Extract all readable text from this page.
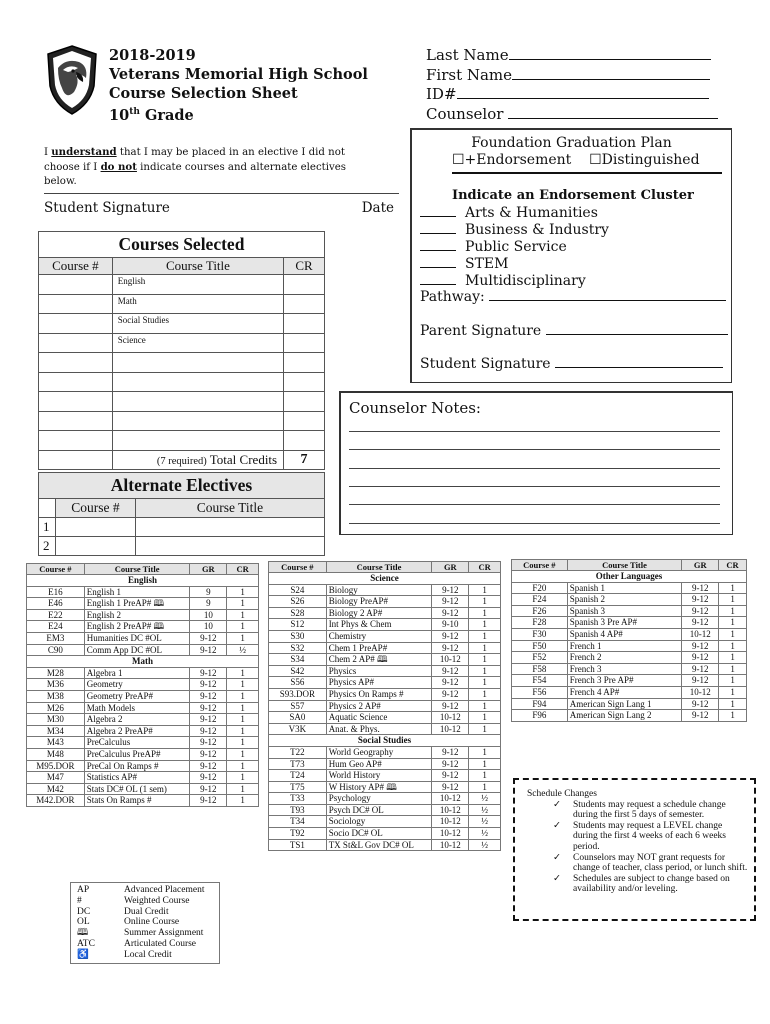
2018-2019
Veterans Memorial High School
Course Selection Sheet
10th Grade
Last Name
First Name
ID#
Counselor
I understand that I may be placed in an elective I did not choose if I do not indicate courses and alternate electives below.
Student Signature	Date
Courses Selected		
Course #	Course Title	CR
	English	
	Math	
	Social Studies	
	Science	

	(7 required) Total Credits	7
Alternate Electives		
	Course #	Course Title
1		
2		
Foundation Graduation Plan
☐+Endorsement ☐Distinguished
Indicate an Endorsement Cluster
Arts & Humanities
Business & Industry
Public Service
STEM
Multidisciplinary
Pathway:
Parent Signature
Student Signature
Counselor Notes:
Course #	Course Title	GR	CR
English			
E16	English 1	9	1
E46	English 1 PreAP# 🕮	9	1
E22	English 2	10	1
E24	English 2 PreAP# 🕮	10	1
EM3	Humanities DC #OL	9-12	1
C90	Comm App DC #OL	9-12	½
Math			
M28	Algebra 1	9-12	1
M36	Geometry	9-12	1
M38	Geometry PreAP#	9-12	1
M26	Math Models	9-12	1
M30	Algebra 2	9-12	1
M34	Algebra 2 PreAP#	9-12	1
M43	PreCalculus	9-12	1
M48	PreCalculus PreAP#	9-12	1
M95.DOR	PreCal On Ramps #	9-12	1
M47	Statistics AP#	9-12	1
M42	Stats DC# OL (1 sem)	9-12	1
M42.DOR	Stats On Ramps #	9-12	1
Course #	Course Title	GR	CR
Science			
S24	Biology	9-12	1
S26	Biology PreAP#	9-12	1
S28	Biology 2 AP#	9-12	1
S12	Int Phys & Chem	9-10	1
S30	Chemistry	9-12	1
S32	Chem 1 PreAP#	9-12	1
S34	Chem 2 AP# 🕮	10-12	1
S42	Physics	9-12	1
S56	Physics AP#	9-12	1
S93.DOR	Physics On Ramps #	9-12	1
S57	Physics 2 AP#	9-12	1
SA0	Aquatic Science	10-12	1
V3K	Anat. & Phys.	10-12	1
Social Studies			
T22	World Geography	9-12	1
T73	Hum Geo AP#	9-12	1
T24	World History	9-12	1
T75	W History AP# 🕮	9-12	1
T33	Psychology	10-12	½
T93	Psych DC# OL	10-12	½
T34	Sociology	10-12	½
T92	Socio DC# OL	10-12	½
TS1	TX St&L Gov DC# OL	10-12	½
Course #	Course Title	GR	CR
Other Languages			
F20	Spanish 1	9-12	1
F24	Spanish 2	9-12	1
F26	Spanish 3	9-12	1
F28	Spanish 3 Pre AP#	9-12	1
F30	Spanish 4 AP#	10-12	1
F50	French 1	9-12	1
F52	French 2	9-12	1
F58	French 3	9-12	1
F54	French 3 Pre AP#	9-12	1
F56	French 4 AP#	10-12	1
F94	American Sign Lang 1	9-12	1
F96	American Sign Lang 2	9-12	1
AP	Advanced Placement
#	Weighted Course
DC	Dual Credit
OL	Online Course
🕮	Summer Assignment
ATC	Articulated Course
♿	Local Credit
Schedule Changes
✓	Students may request a schedule change during the first 5 days of semester.
✓	Students may request a LEVEL change during the first 4 weeks of each 6 weeks period.
✓	Counselors may NOT grant requests for change of teacher, class period, or lunch shift.
✓	Schedules are subject to change based on availability and/or leveling.
